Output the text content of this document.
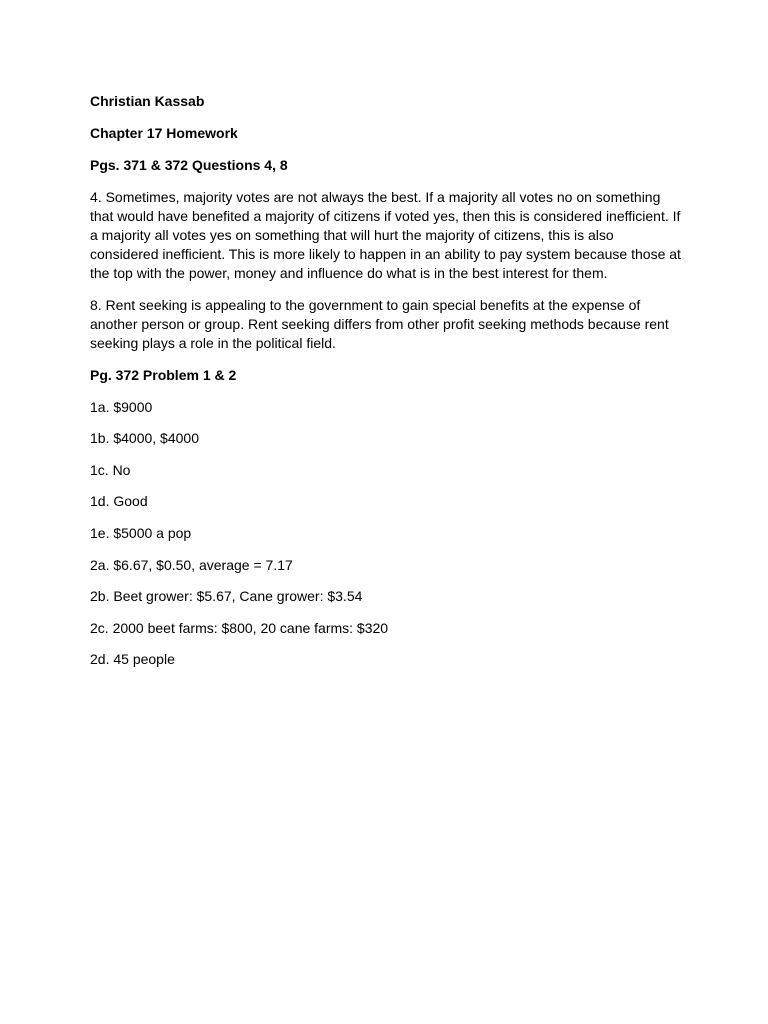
Christian Kassab

Chapter 17 Homework

Pgs. 371 & 372 Questions 4, 8

4. Sometimes, majority votes are not always the best. If a majority all votes no on something
that would have benefited a majority of citizens if voted yes, then this is considered inefficient. If
a majority all votes yes on something that will hurt the majority of citizens, this is also
considered inefficient. This is more likely to happen in an ability to pay system because those at
the top with the power, money and influence do what is in the best interest for them.
8. Rent seeking is appealing to the government to gain special benefits at the expense of
another person or group. Rent seeking differs from other profit seeking methods because rent
seeking plays a role in the political field.

Pg. 372 Problem 1 & 2

1a. $9000

1b. $4000, $4000

1c. No

1d. Good

1e. $5000 a pop

2a. $6.67, $0.50, average = 7.17

2b. Beet grower: $5.67, Cane grower: $3.54

2c. 2000 beet farms: $800, 20 cane farms: $320

2d. 45 people
